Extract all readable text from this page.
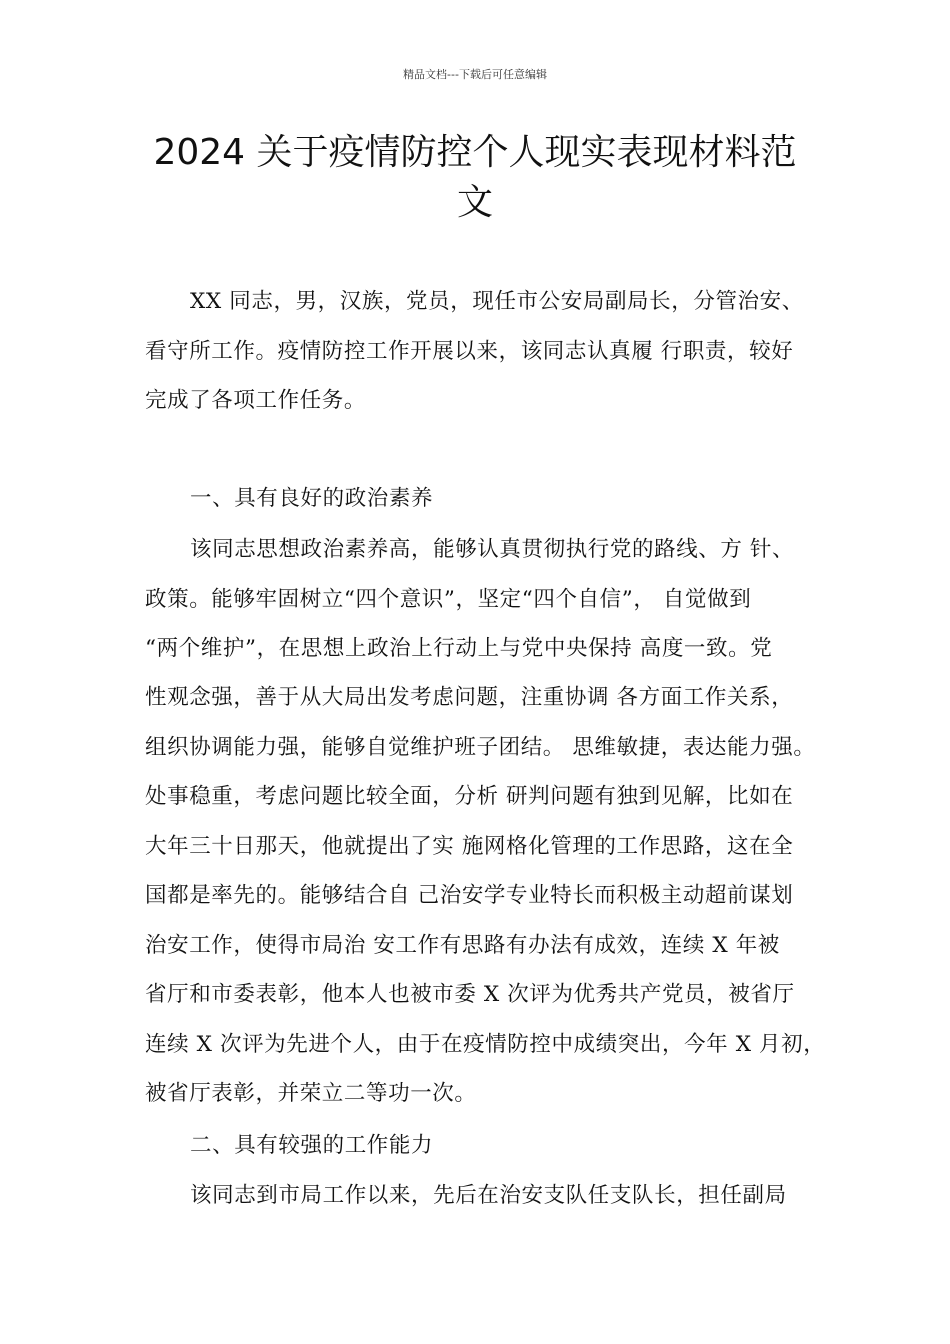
精品文档---下载后可任意编辑
2024 关于疫情防控个人现实表现材料范
文
XX 同志，男，汉族，党员，现任市公安局副局长，分管治安、
看守所工作。疫情防控工作开展以来，该同志认真履 行职责，较好
完成了各项工作任务。
一、具有良好的政治素养
该同志思想政治素养高，能够认真贯彻执行党的路线、方 针、
政策。能够牢固树立“四个意识”，坚定“四个自信”， 自觉做到
“两个维护”，在思想上政治上行动上与党中央保持 高度一致。党
性观念强，善于从大局出发考虑问题，注重协调 各方面工作关系，
组织协调能力强，能够自觉维护班子团结。 思维敏捷，表达能力强。
处事稳重，考虑问题比较全面，分析 研判问题有独到见解，比如在
大年三十日那天，他就提出了实 施网格化管理的工作思路，这在全
国都是率先的。能够结合自 己治安学专业特长而积极主动超前谋划
治安工作，使得市局治 安工作有思路有办法有成效，连续 X 年被
省厅和市委表彰，他本人也被市委 X 次评为优秀共产党员，被省厅
连续 X 次评为先进个人，由于在疫情防控中成绩突出，今年 X 月初，
被省厅表彰，并荣立二等功一次。
二、具有较强的工作能力
该同志到市局工作以来，先后在治安支队任支队长，担任副局
